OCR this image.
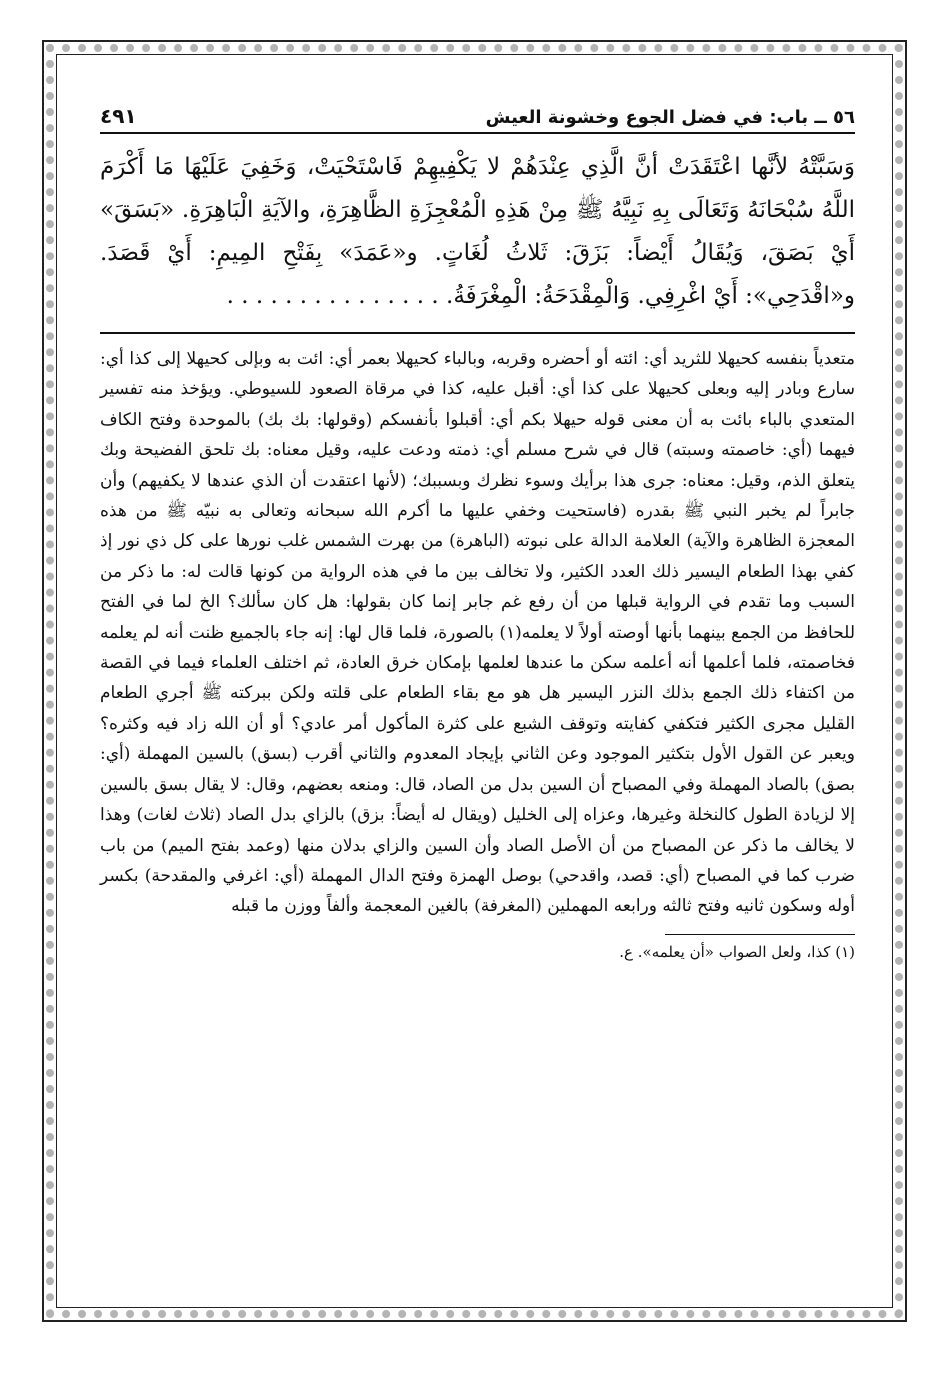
٥٦ ــ باب: في فضل الجوع وخشونة العيش
٤٩١

وَسَبَّتْهُ لأنَّها اعْتَقَدَتْ أنَّ الَّذِي عِنْدَهُمْ لا يَكْفِيهِمْ فَاسْتَحْيَتْ، وَخَفِيَ عَلَيْهَا مَا أَكْرَمَ اللَّهُ سُبْحَانَهُ وَتَعَالَى بِهِ نَبِيَّهُ ﷺ مِنْ هَذِهِ الْمُعْجِزَةِ الظَّاهِرَةِ، والآيَةِ الْبَاهِرَةِ. «بَسَقَ» أَيْ بَصَقَ، وَيُقَالُ أَيْضاً: بَزَقَ: ثَلاثُ لُغَاتٍ. و«عَمَدَ» بِفَتْحِ المِيمِ: أَيْ قَصَدَ. و«اقْدَحِي»: أَيْ اغْرِفِي. وَالْمِقْدَحَةُ: الْمِغْرَفَةُ. . . . . . . . . . . . . . . .

متعدياً بنفسه كحيهلا للثريد أي: ائته أو أحضره وقربه، وبالباء كحيهلا بعمر أي: ائت به وبإلى كحيهلا إلى كذا أي: سارع وبادر إليه وبعلى كحيهلا على كذا أي: أقبل عليه، كذا في مرقاة الصعود للسيوطي. ويؤخذ منه تفسير المتعدي بالباء بائت به أن معنى قوله حيهلا بكم أي: أقبلوا بأنفسكم (وقولها: بك بك) بالموحدة وفتح الكاف فيهما (أي: خاصمته وسبته) قال في شرح مسلم أي: ذمته ودعت عليه، وقيل معناه: بك تلحق الفضيحة وبك يتعلق الذم، وقيل: معناه: جرى هذا برأيك وسوء نظرك وبسببك؛ (لأنها اعتقدت أن الذي عندها لا يكفيهم) وأن جابراً لم يخبر النبي ﷺ بقدره (فاستحيت وخفي عليها ما أكرم الله سبحانه وتعالى به نبيّه ﷺ من هذه المعجزة الظاهرة والآية) العلامة الدالة على نبوته (الباهرة) من بهرت الشمس غلب نورها على كل ذي نور إذ كفي بهذا الطعام اليسير ذلك العدد الكثير، ولا تخالف بين ما في هذه الرواية من كونها قالت له: ما ذكر من السبب وما تقدم في الرواية قبلها من أن رفع غم جابر إنما كان بقولها: هل كان سألك؟ الخ لما في الفتح للحافظ من الجمع بينهما بأنها أوصته أولاً لا يعلمه(١) بالصورة، فلما قال لها: إنه جاء بالجميع ظنت أنه لم يعلمه فخاصمته، فلما أعلمها أنه أعلمه سكن ما عندها لعلمها بإمكان خرق العادة، ثم اختلف العلماء فيما في القصة من اكتفاء ذلك الجمع بذلك النزر اليسير هل هو مع بقاء الطعام على قلته ولكن ببركته ﷺ أجري الطعام القليل مجرى الكثير فتكفي كفايته وتوقف الشبع على كثرة المأكول أمر عادي؟ أو أن الله زاد فيه وكثره؟ ويعبر عن القول الأول بتكثير الموجود وعن الثاني بإيجاد المعدوم والثاني أقرب (بسق) بالسين المهملة (أي: بصق) بالصاد المهملة وفي المصباح أن السين بدل من الصاد، قال: ومنعه بعضهم، وقال: لا يقال بسق بالسين إلا لزيادة الطول كالنخلة وغيرها، وعزاه إلى الخليل (ويقال له أيضاً: بزق) بالزاي بدل الصاد (ثلاث لغات) وهذا لا يخالف ما ذكر عن المصباح من أن الأصل الصاد وأن السين والزاي بدلان منها (وعمد بفتح الميم) من باب ضرب كما في المصباح (أي: قصد، واقدحي) بوصل الهمزة وفتح الدال المهملة (أي: اغرفي والمقدحة) بكسر أوله وسكون ثانيه وفتح ثالثه ورابعه المهملين (المغرفة) بالغين المعجمة وألفاً ووزن ما قبله

(١) كذا، ولعل الصواب «أن يعلمه». ع.
